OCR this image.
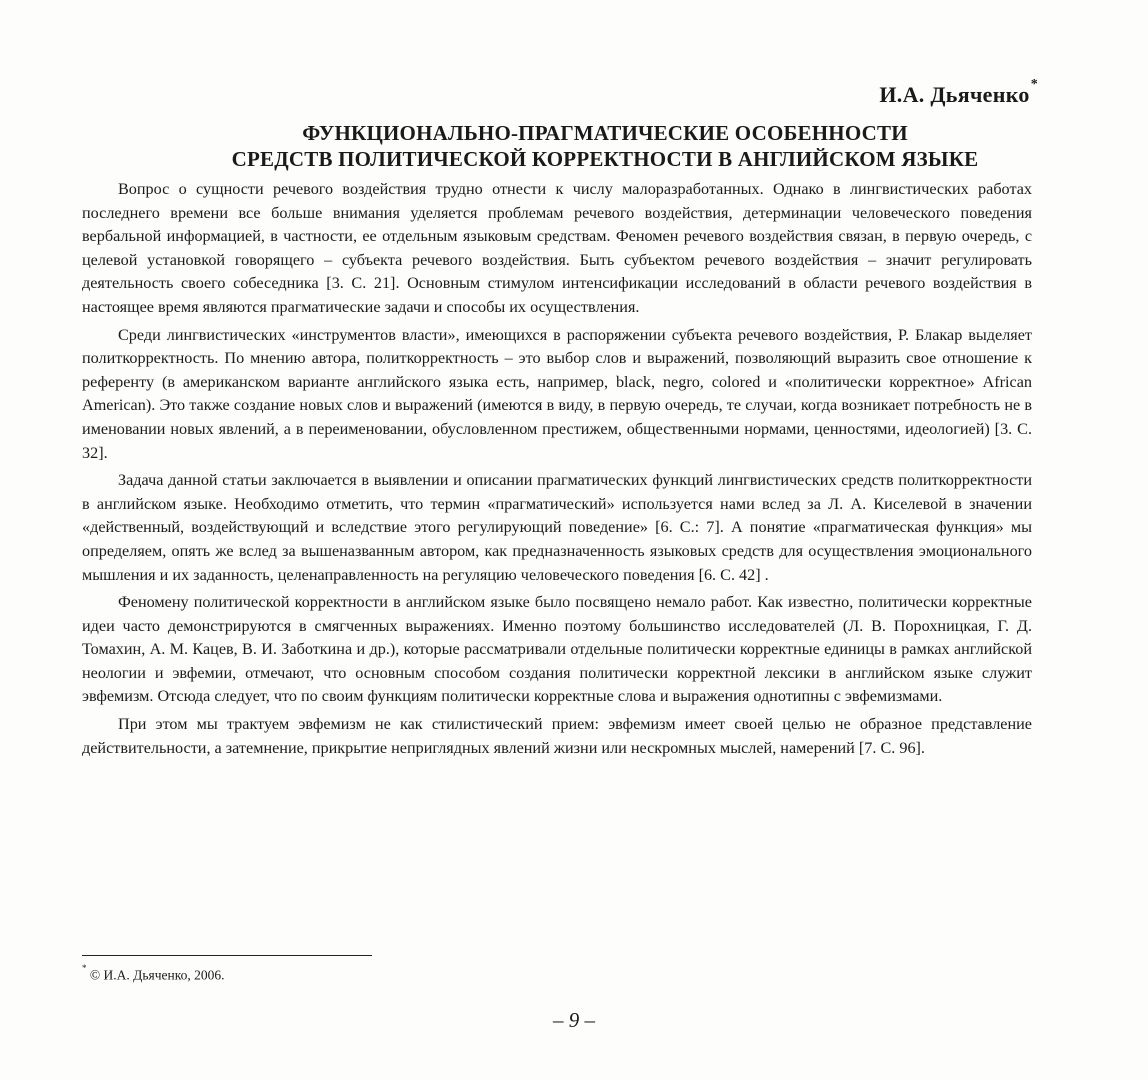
И.А. Дьяченко*
ФУНКЦИОНАЛЬНО-ПРАГМАТИЧЕСКИЕ ОСОБЕННОСТИ
СРЕДСТВ ПОЛИТИЧЕСКОЙ КОРРЕКТНОСТИ В АНГЛИЙСКОМ ЯЗЫКЕ

Вопрос о сущности речевого воздействия трудно отнести к числу малоразработанных. Однако в лингвистических работах последнего времени все больше внимания уделяется проблемам речевого воздействия, детерминации человеческого поведения вербальной информацией, в частности, ее отдельным языковым средствам. Феномен речевого воздействия связан, в первую очередь, с целевой установкой говорящего – субъекта речевого воздействия. Быть субъектом речевого воздействия – значит регулировать деятельность своего собеседника [3. С. 21]. Основным стимулом интенсификации исследований в области речевого воздействия в настоящее время являются прагматические задачи и способы их осуществления.

Среди лингвистических «инструментов власти», имеющихся в распоряжении субъекта речевого воздействия, Р. Блакар выделяет политкорректность. По мнению автора, политкорректность – это выбор слов и выражений, позволяющий выразить свое отношение к референту (в американском варианте английского языка есть, например, black, negro, colored и «политически корректное» African American). Это также создание новых слов и выражений (имеются в виду, в первую очередь, те случаи, когда возникает потребность не в именовании новых явлений, а в переименовании, обусловленном престижем, общественными нормами, ценностями, идеологией) [3. С. 32].

Задача данной статьи заключается в выявлении и описании прагматических функций лингвистических средств политкорректности в английском языке. Необходимо отметить, что термин «прагматический» используется нами вслед за Л. А. Киселевой в значении «действенный, воздействующий и вследствие этого регулирующий поведение» [6. С.: 7]. А понятие «прагматическая функция» мы определяем, опять же вслед за вышеназванным автором, как предназначенность языковых средств для осуществления эмоционального мышления и их заданность, целенаправленность на регуляцию человеческого поведения [6. С. 42] .

Феномену политической корректности в английском языке было посвящено немало работ. Как известно, политически корректные идеи часто демонстрируются в смягченных выражениях. Именно поэтому большинство исследователей (Л. В. Порохницкая, Г. Д. Томахин, А. М. Кацев, В. И. Заботкина и др.), которые рассматривали отдельные политически корректные единицы в рамках английской неологии и эвфемии, отмечают, что основным способом создания политически корректной лексики в английском языке служит эвфемизм. Отсюда следует, что по своим функциям политически корректные слова и выражения однотипны с эвфемизмами.

При этом мы трактуем эвфемизм не как стилистический прием: эвфемизм имеет своей целью не образное представление действительности, а затемнение, прикрытие неприглядных явлений жизни или нескромных мыслей, намерений [7. С. 96].

* © И.А. Дьяченко, 2006.
– 9 –
